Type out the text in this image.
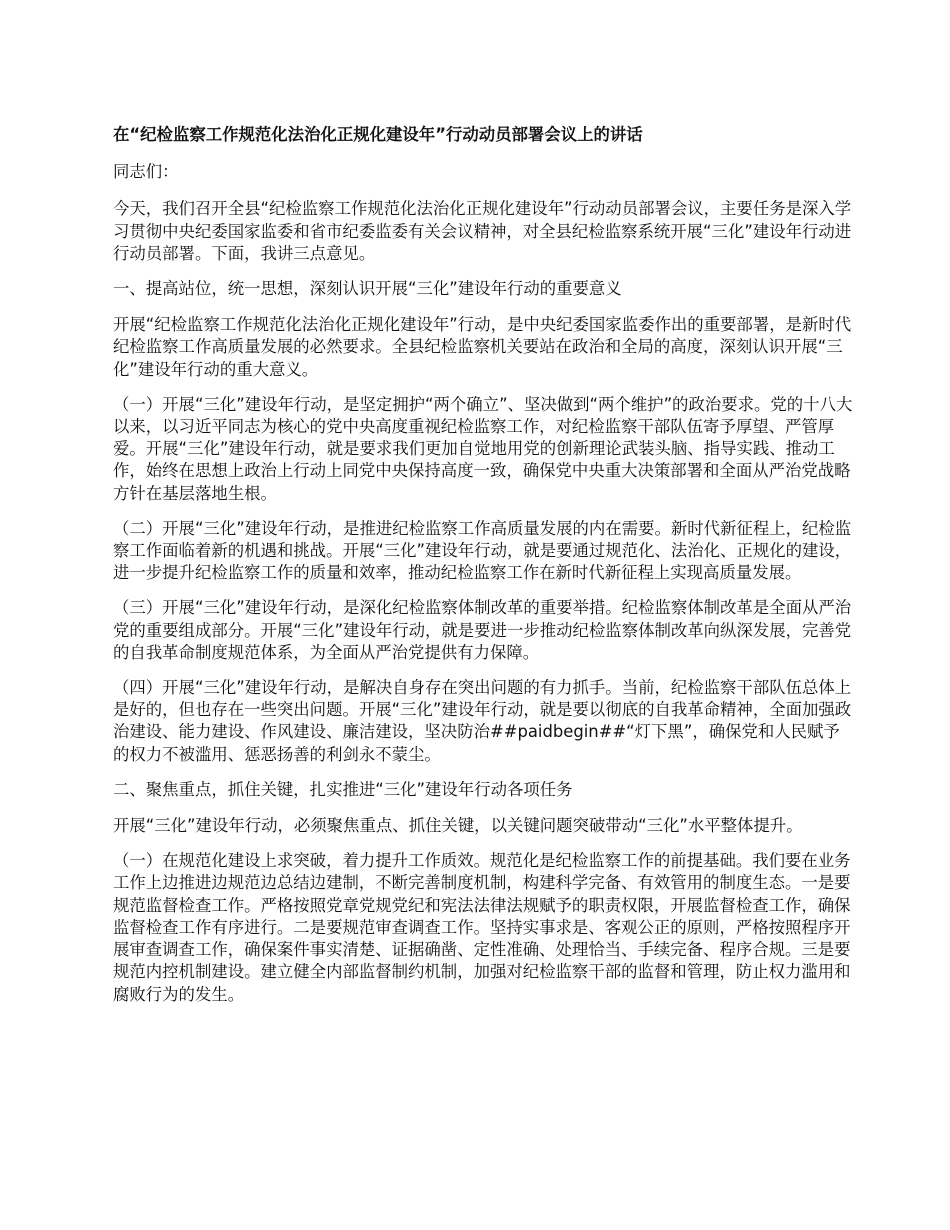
在“纪检监察工作规范化法治化正规化建设年”行动动员部署会议上的讲话

同志们：

今天，我们召开全县“纪检监察工作规范化法治化正规化建设年”行动动员部署会议，主要任务是深入学习贯彻中央纪委国家监委和省市纪委监委有关会议精神，对全县纪检监察系统开展“三化”建设年行动进行动员部署。下面，我讲三点意见。

一、提高站位，统一思想，深刻认识开展“三化”建设年行动的重要意义

开展“纪检监察工作规范化法治化正规化建设年”行动，是中央纪委国家监委作出的重要部署，是新时代纪检监察工作高质量发展的必然要求。全县纪检监察机关要站在政治和全局的高度，深刻认识开展“三化”建设年行动的重大意义。

（一）开展“三化”建设年行动，是坚定拥护“两个确立”、坚决做到“两个维护”的政治要求。党的十八大以来，以习近平同志为核心的党中央高度重视纪检监察工作，对纪检监察干部队伍寄予厚望、严管厚爱。开展“三化”建设年行动，就是要求我们更加自觉地用党的创新理论武装头脑、指导实践、推动工作，始终在思想上政治上行动上同党中央保持高度一致，确保党中央重大决策部署和全面从严治党战略方针在基层落地生根。

（二）开展“三化”建设年行动，是推进纪检监察工作高质量发展的内在需要。新时代新征程上，纪检监察工作面临着新的机遇和挑战。开展“三化”建设年行动，就是要通过规范化、法治化、正规化的建设，进一步提升纪检监察工作的质量和效率，推动纪检监察工作在新时代新征程上实现高质量发展。

（三）开展“三化”建设年行动，是深化纪检监察体制改革的重要举措。纪检监察体制改革是全面从严治党的重要组成部分。开展“三化”建设年行动，就是要进一步推动纪检监察体制改革向纵深发展，完善党的自我革命制度规范体系，为全面从严治党提供有力保障。

（四）开展“三化”建设年行动，是解决自身存在突出问题的有力抓手。当前，纪检监察干部队伍总体上是好的，但也存在一些突出问题。开展“三化”建设年行动，就是要以彻底的自我革命精神，全面加强政治建设、能力建设、作风建设、廉洁建设，坚决防治##paidbegin##“灯下黑”，确保党和人民赋予的权力不被滥用、惩恶扬善的利剑永不蒙尘。

二、聚焦重点，抓住关键，扎实推进“三化”建设年行动各项任务

开展“三化”建设年行动，必须聚焦重点、抓住关键，以关键问题突破带动“三化”水平整体提升。

（一）在规范化建设上求突破，着力提升工作质效。规范化是纪检监察工作的前提基础。我们要在业务工作上边推进边规范边总结边建制，不断完善制度机制，构建科学完备、有效管用的制度生态。一是要规范监督检查工作。严格按照党章党规党纪和宪法法律法规赋予的职责权限，开展监督检查工作，确保监督检查工作有序进行。二是要规范审查调查工作。坚持实事求是、客观公正的原则，严格按照程序开展审查调查工作，确保案件事实清楚、证据确凿、定性准确、处理恰当、手续完备、程序合规。三是要规范内控机制建设。建立健全内部监督制约机制，加强对纪检监察干部的监督和管理，防止权力滥用和腐败行为的发生。
